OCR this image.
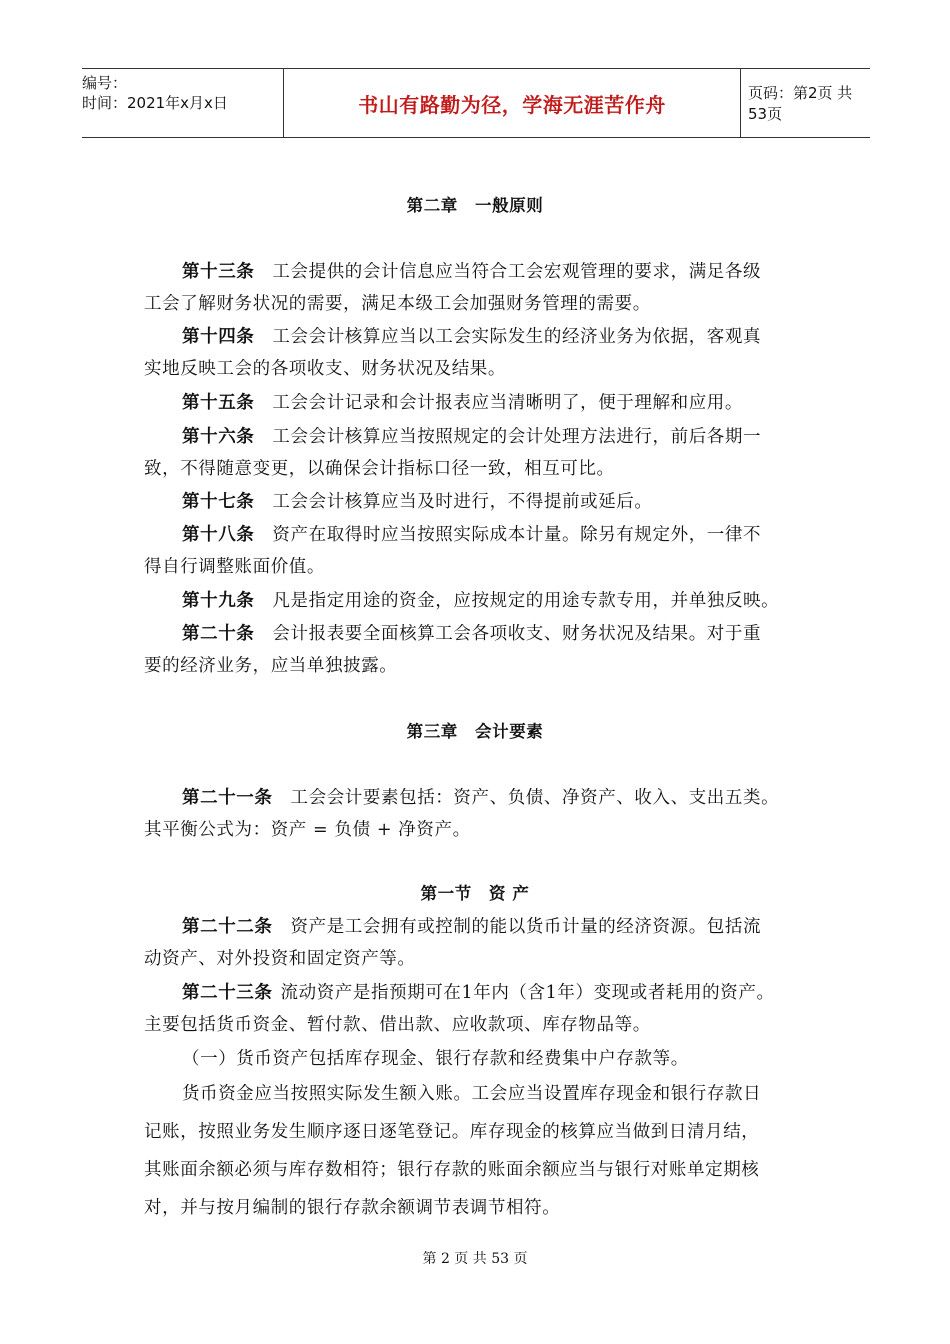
编号：
时间：2021年x月x日	书山有路勤为径，学海无涯苦作舟	页码：第2页 共53页
第二章　一般原则
第十三条 工会提供的会计信息应当符合工会宏观管理的要求，满足各级
工会了解财务状况的需要，满足本级工会加强财务管理的需要。
第十四条 工会会计核算应当以工会实际发生的经济业务为依据，客观真
实地反映工会的各项收支、财务状况及结果。
第十五条 工会会计记录和会计报表应当清晰明了，便于理解和应用。
第十六条 工会会计核算应当按照规定的会计处理方法进行，前后各期一
致，不得随意变更，以确保会计指标口径一致，相互可比。
第十七条 工会会计核算应当及时进行，不得提前或延后。
第十八条 资产在取得时应当按照实际成本计量。除另有规定外，一律不
得自行调整账面价值。
第十九条 凡是指定用途的资金，应按规定的用途专款专用，并单独反映。
第二十条 会计报表要全面核算工会各项收支、财务状况及结果。对于重
要的经济业务，应当单独披露。
第三章　会计要素
第二十一条 工会会计要素包括：资产、负债、净资产、收入、支出五类。
其平衡公式为：资产 = 负债 + 净资产。
第一节　资 产
第二十二条 资产是工会拥有或控制的能以货币计量的经济资源。包括流
动资产、对外投资和固定资产等。
第二十三条 流动资产是指预期可在1年内（含1年）变现或者耗用的资产。
主要包括货币资金、暂付款、借出款、应收款项、库存物品等。
（一）货币资产包括库存现金、银行存款和经费集中户存款等。
货币资金应当按照实际发生额入账。工会应当设置库存现金和银行存款日
记账，按照业务发生顺序逐日逐笔登记。库存现金的核算应当做到日清月结，
其账面余额必须与库存数相符；银行存款的账面余额应当与银行对账单定期核
对，并与按月编制的银行存款余额调节表调节相符。
第 2 页 共 53 页
